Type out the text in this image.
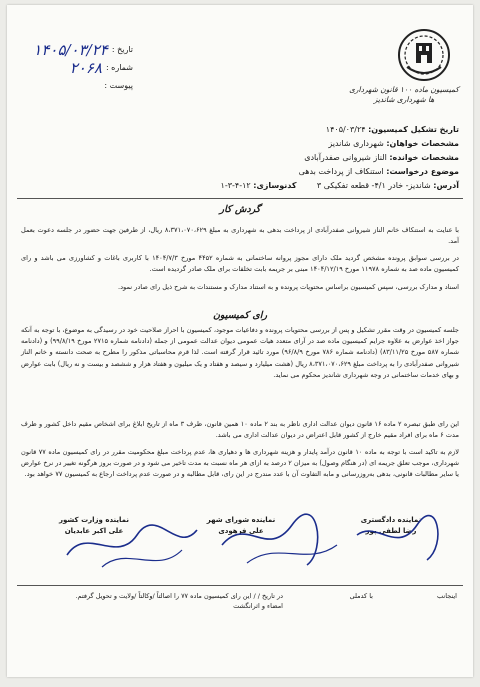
کمیسیون ماده ۱۰۰ قانون شهرداری ها شهرداری شاندیز
تاریخ :
۱۴۰۵/۰۳/۲۴
شماره :
۲۰۶۸
پیوست :
تاریخ تشکیل کمیسیون: ۱۴۰۵/۰۳/۲۴
مشخصات خواهان: شهرداری شاندیز
مشخصات خوانده: الناز شیروانی صفدرآبادی
موضوع درخواست: استنکاف از پرداخت بدهی
آدرس: شاندیز- خادر ۴/۱- قطعه تفکیکی ۳        کدنوسازی: ۱۲-۴-۳-۱
گردش کار
با عنایت به استنکاف خانم الناز شیروانی صفدرآبادی از پرداخت بدهی به شهرداری به مبلغ ۸،۳۷۱،۰۷۰،۶۲۹ ریال، از طرفین جهت حضور در جلسه دعوت بعمل آمد.
در بررسی سوابق پرونده مشخص گردید ملک دارای مجوز پروانه ساختمانی به شماره ۴۴۵۲ مورخ ۱۴۰۴/۷/۳ با کاربری باغات و کشاورزی می باشد و رای کمیسیون ماده صد به شماره ۱۱۹۷۸ مورخ ۱۴۰۴/۱۲/۱۹ مبنی بر جریمه بابت تخلفات برای ملک صادر گردیده است.
اسناد و مدارک بررسی، سپس کمیسیون براساس محتویات پرونده و به استناد مدارک و مستندات به شرح ذیل رای صادر نمود.
رای کمیسیون
جلسه کمیسیون در وقت مقرر تشکیل و پس از بررسی محتویات پرونده و دفاعیات موجود، کمیسیون با احراز صلاحیت خود در رسیدگی به موضوع، با توجه به آنکه جواز اخذ عوارض به علاوه جرایم کمیسیون ماده صد در آرای متعدد هیات عمومی دیوان عدالت عمومی از جمله (دادنامه شماره ۲۷۱۵ مورخ ۹۹/۸/۱۹) و (دادنامه شماره ۵۸۷ مورخ ۸۳/۱۱/۲۵) (دادنامه شماره ۷۸۶ مورخ ۹۶/۸/۹) مورد تائید قرار گرفته است. لذا قرم محاسباتی مذکور را مطرح به صحت دانسته و خانم الناز شیروانی صفدرآبادی را به پرداخت مبلغ ۸،۳۷۱،۰۷۰،۶۲۹ ریال (هشت میلیارد و سیصد و هفتاد و یک میلیون و هفتاد هزار و ششصد و بیست و نه ریال) بابت عوارض و بهای خدمات ساختمانی در وجه شهرداری شاندیز محکوم می نماید.
این رای طبق تبصره ۲ ماده ۱۶ قانون دیوان عدالت اداری ناظر به بند ۲ ماده ۱۰ همین قانون، ظرف ۳ ماه از تاریخ ابلاغ برای اشخاص مقیم داخل کشور و ظرف مدت ۶ ماه برای افراد مقیم خارج از کشور قابل اعتراض در دیوان عدالت اداری می باشد.
لازم به تاکید است با توجه به ماده ۱۰ قانون درآمد پایدار و هزینه شهرداری ها و دهیاری ها، عدم پرداخت مبلغ محکومیت مقرر در رای کمیسیون ماده ۷۷ قانون شهرداری، موجب تعلق جریمه ای (در هنگام وصول) به میزان ۲ درصد به ازای هر ماه نسبت به مدت تاخیر می شود و در صورت بروز هرگونه تغییر در نرخ عوارض یا سایر مطالبات قانونی، بدهی به‌روزرسانی و مابه التفاوت آن با عدد مندرج در این رای، قابل مطالبه و در صورت عدم پرداخت ارجاع به کمیسیون ۷۷ خواهد بود.
نماینده دادگستری
رضا لطفی پور
نماینده شورای شهر
علی فرهودی
نماینده وزارت کشور
علی اکبر عابدیان
اینجانب
با کدملی
در تاریخ / / این رای کمیسیون ماده ۷۷ را اصالتاً /وکالتاً /ولایت و تحویل گرفتم.
امضاء و اثرانگشت
